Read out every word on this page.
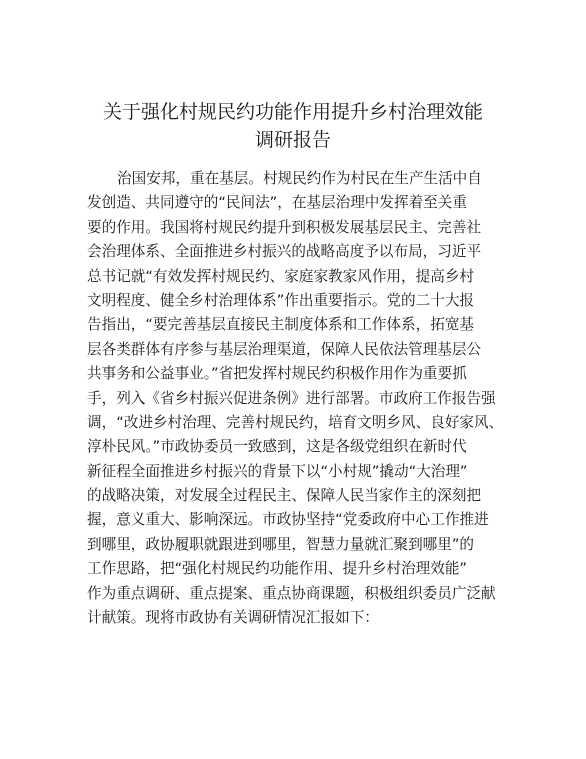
关于强化村规民约功能作用提升乡村治理效能
调研报告
治国安邦，重在基层。村规民约作为村民在生产生活中自
发创造、共同遵守的“民间法”，在基层治理中发挥着至关重
要的作用。我国将村规民约提升到积极发展基层民主、完善社
会治理体系、全面推进乡村振兴的战略高度予以布局，习近平
总书记就“有效发挥村规民约、家庭家教家风作用，提高乡村
文明程度、健全乡村治理体系”作出重要指示。党的二十大报
告指出，“要完善基层直接民主制度体系和工作体系，拓宽基
层各类群体有序参与基层治理渠道，保障人民依法管理基层公
共事务和公益事业。”省把发挥村规民约积极作用作为重要抓
手，列入《省乡村振兴促进条例》进行部署。市政府工作报告强
调，“改进乡村治理、完善村规民约，培育文明乡风、良好家风、
淳朴民风。”市政协委员一致感到，这是各级党组织在新时代
新征程全面推进乡村振兴的背景下以“小村规”撬动“大治理”
的战略决策，对发展全过程民主、保障人民当家作主的深刻把
握，意义重大、影响深远。市政协坚持“党委政府中心工作推进
到哪里，政协履职就跟进到哪里，智慧力量就汇聚到哪里”的
工作思路，把“强化村规民约功能作用、提升乡村治理效能”
作为重点调研、重点提案、重点协商课题，积极组织委员广泛献
计献策。现将市政协有关调研情况汇报如下：
